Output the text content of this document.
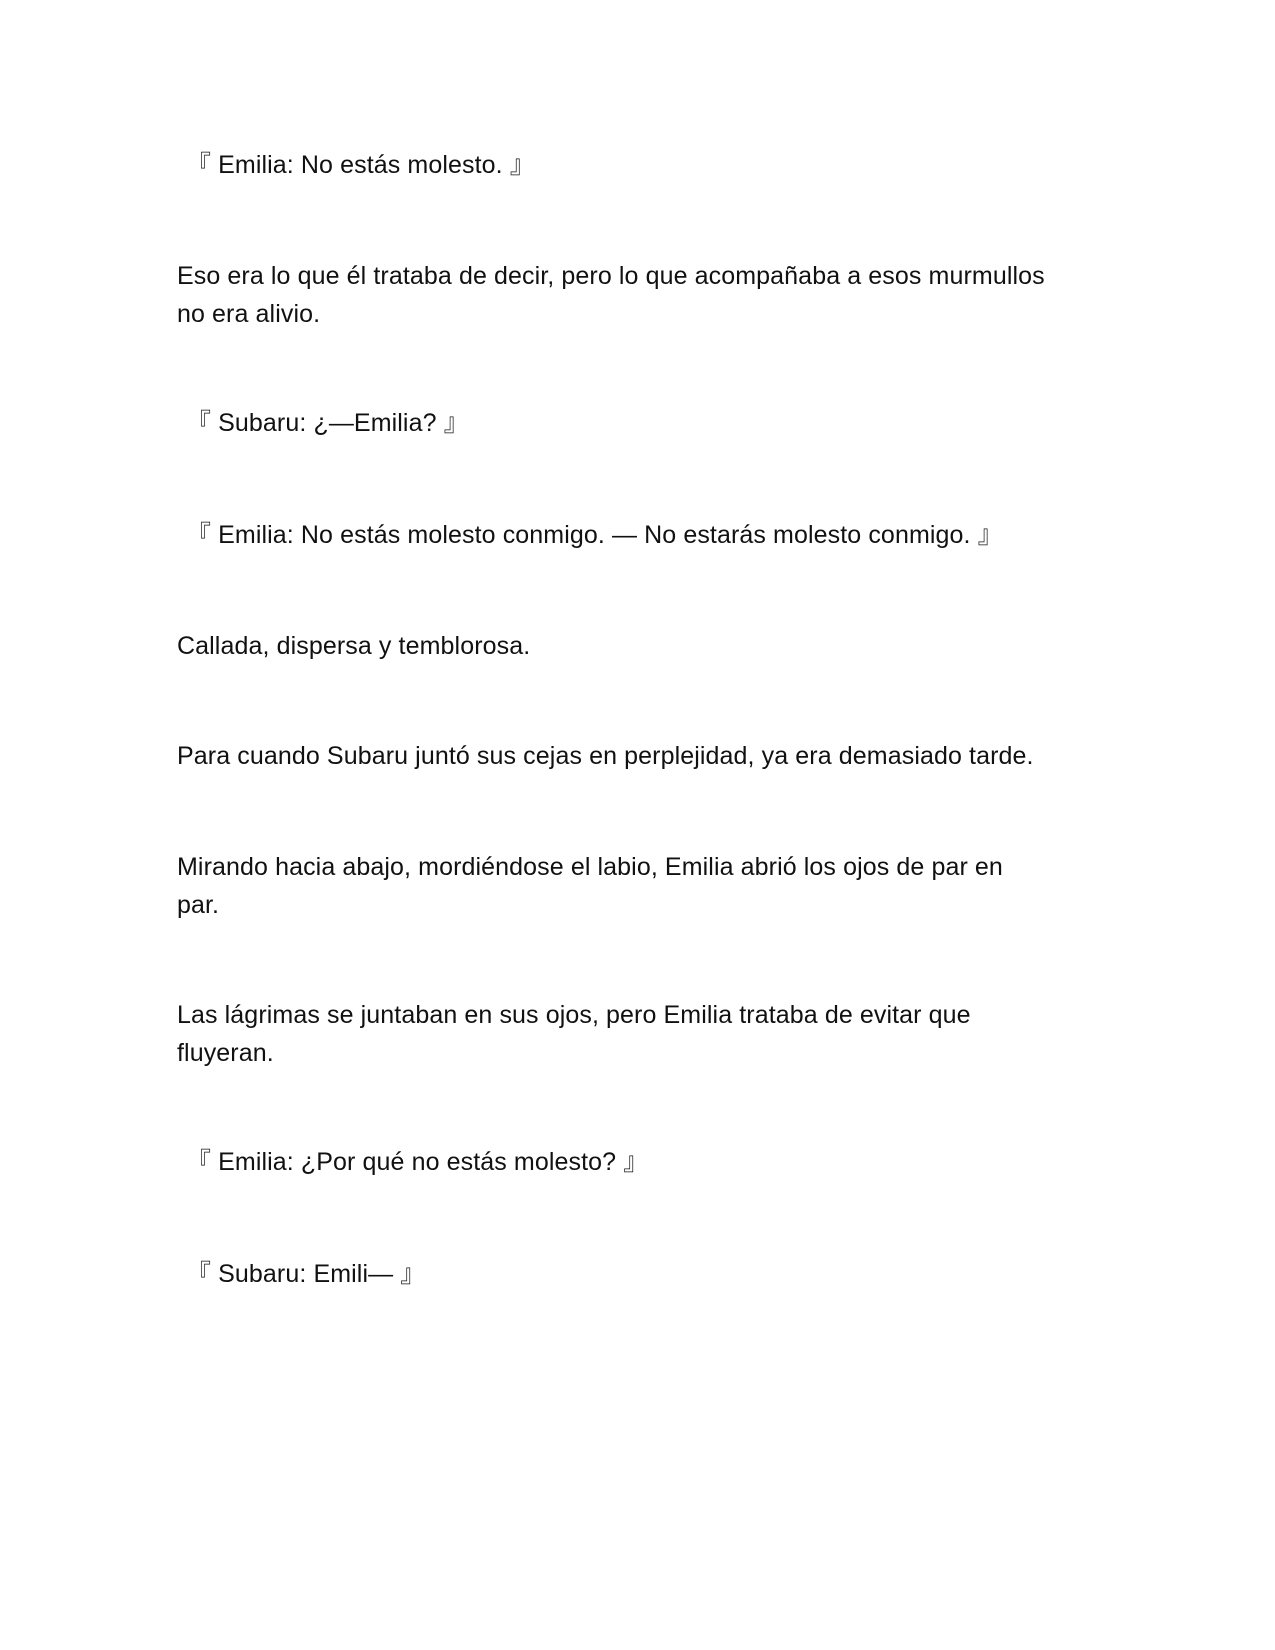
『 Emilia: No estás molesto. 』

Eso era lo que él trataba de decir, pero lo que acompañaba a esos murmullos
no era alivio.

『 Subaru: ¿—Emilia? 』

『 Emilia: No estás molesto conmigo. — No estarás molesto conmigo. 』

Callada, dispersa y temblorosa.

Para cuando Subaru juntó sus cejas en perplejidad, ya era demasiado tarde.

Mirando hacia abajo, mordiéndose el labio, Emilia abrió los ojos de par en
par.

Las lágrimas se juntaban en sus ojos, pero Emilia trataba de evitar que
fluyeran.

『 Emilia: ¿Por qué no estás molesto? 』

『 Subaru: Emili— 』
